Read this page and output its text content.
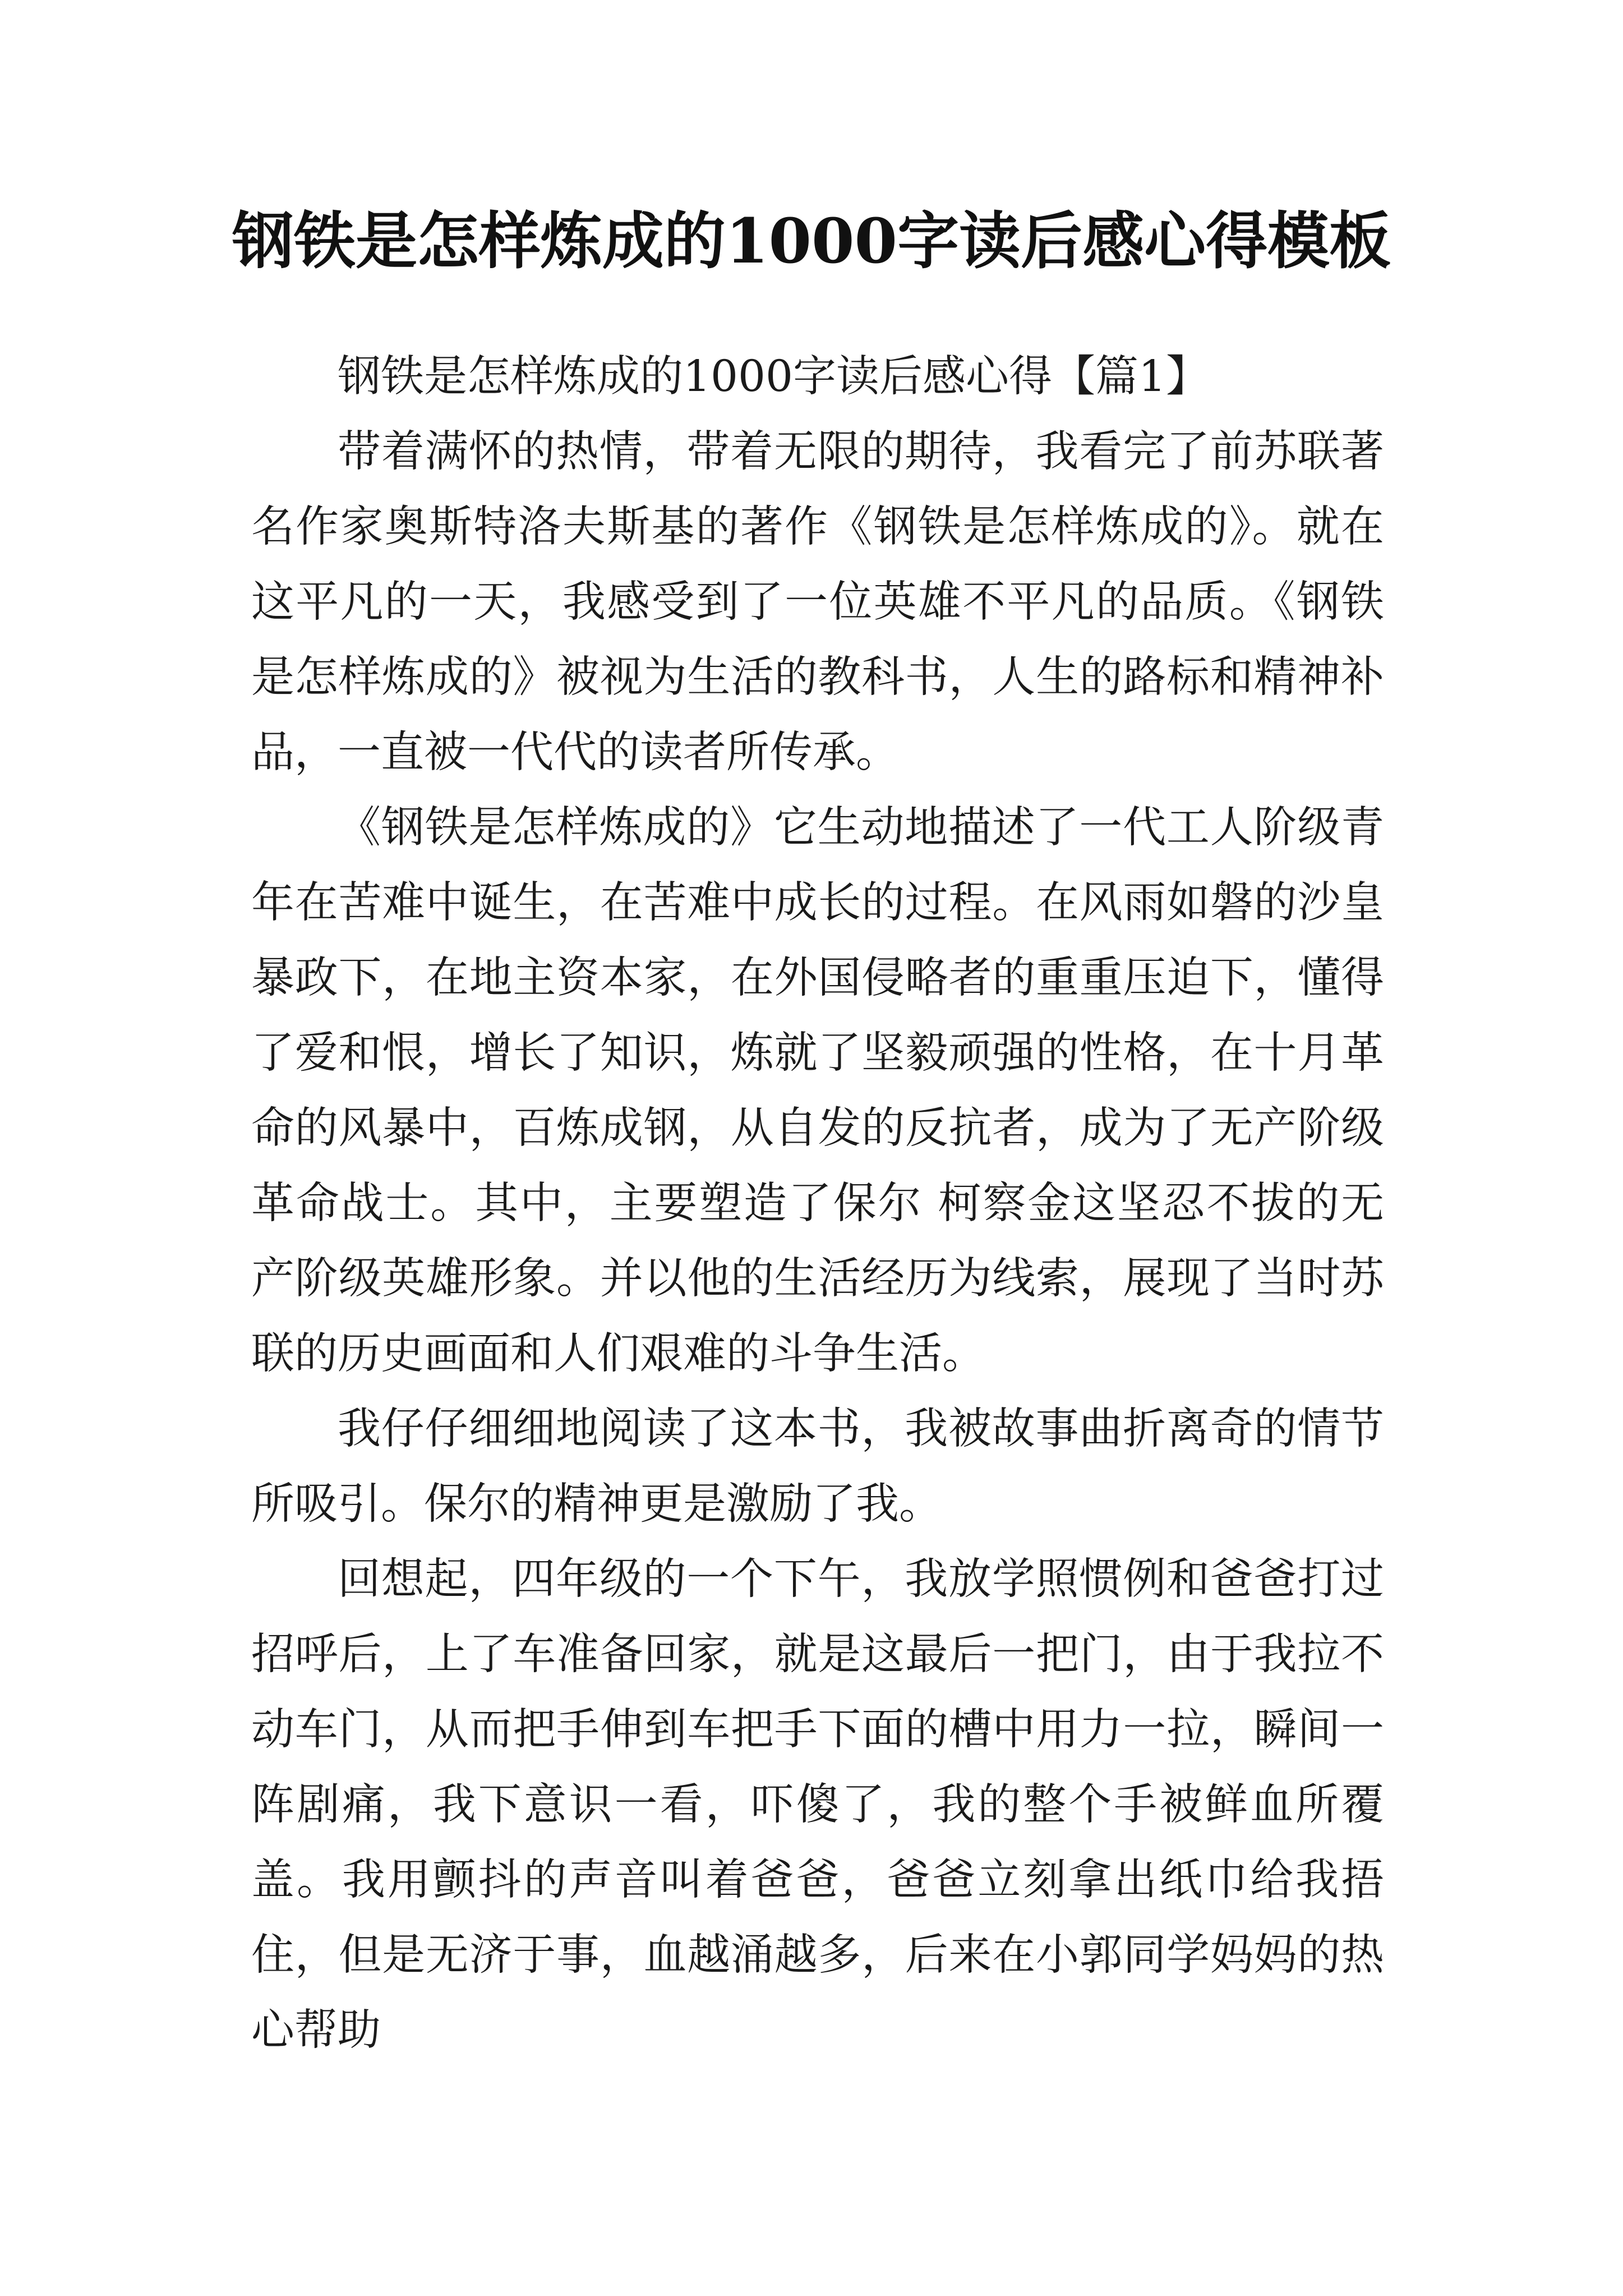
钢铁是怎样炼成的1000字读后感心得模板

钢铁是怎样炼成的1000字读后感心得【篇1】

带着满怀的热情，带着无限的期待，我看完了前苏联著名作家奥斯特洛夫斯基的著作《钢铁是怎样炼成的》。就在这平凡的一天，我感受到了一位英雄不平凡的品质。《钢铁是怎样炼成的》被视为生活的教科书，人生的路标和精神补品，一直被一代代的读者所传承。

《钢铁是怎样炼成的》它生动地描述了一代工人阶级青年在苦难中诞生，在苦难中成长的过程。在风雨如磐的沙皇暴政下，在地主资本家，在外国侵略者的重重压迫下，懂得了爱和恨，增长了知识，炼就了坚毅顽强的性格，在十月革命的风暴中，百炼成钢，从自发的反抗者，成为了无产阶级革命战士。其中，主要塑造了保尔 柯察金这坚忍不拔的无产阶级英雄形象。并以他的生活经历为线索，展现了当时苏联的历史画面和人们艰难的斗争生活。

我仔仔细细地阅读了这本书，我被故事曲折离奇的情节所吸引。保尔的精神更是激励了我。

回想起，四年级的一个下午，我放学照惯例和爸爸打过招呼后，上了车准备回家，就是这最后一把门，由于我拉不动车门，从而把手伸到车把手下面的槽中用力一拉，瞬间一阵剧痛，我下意识一看，吓傻了，我的整个手被鲜血所覆盖。我用颤抖的声音叫着爸爸，爸爸立刻拿出纸巾给我捂住，但是无济于事，血越涌越多，后来在小郭同学妈妈的热心帮助
